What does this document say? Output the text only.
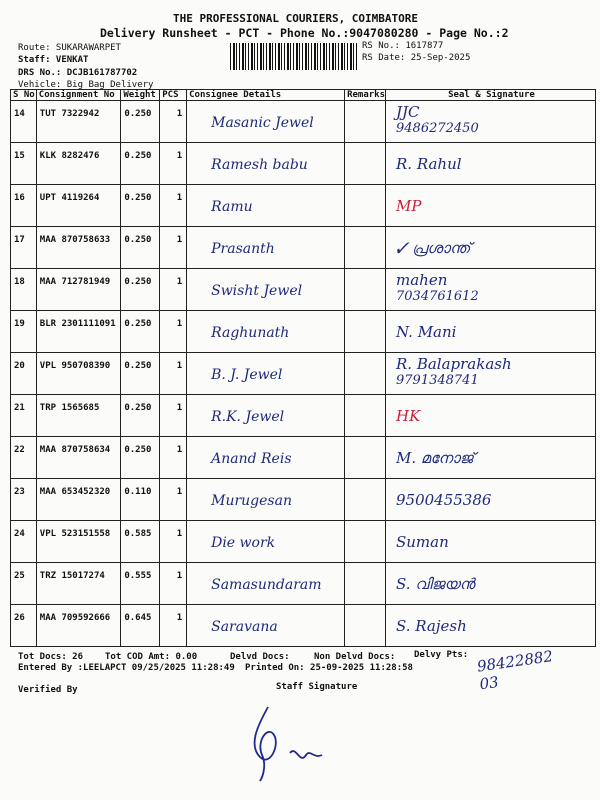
THE PROFESSIONAL COURIERS, COIMBATORE
Delivery Runsheet - PCT - Phone No.:9047080280 - Page No.:2
Route: SUKARAWARPET
Staff: VENKAT
DRS No.: DCJB161787702
Vehicle: Big Bag Delivery
RS No.: 1617877
RS Date: 25-Sep-2025
S No	Consignment No	Weight	PCS	Consignee Details	Remarks	Seal & Signature

14	TUT 7322942	0.250	1	Masanic Jewel		JJC
9486272450

15	KLK 8282476	0.250	1	Ramesh babu		R. Rahul

16	UPT 4119264	0.250	1	Ramu		MP

17	MAA 870758633	0.250	1	Prasanth		✓ പ്രശാന്ത്

18	MAA 712781949	0.250	1	Swisht Jewel		mahen
7034761612

19	BLR 2301111091	0.250	1	Raghunath		N. Mani

20	VPL 950708390	0.250	1	B. J. Jewel		R. Balaprakash
9791348741

21	TRP 1565685	0.250	1	R.K. Jewel		HK

22	MAA 870758634	0.250	1	Anand Reis		M. മനോജ്

23	MAA 653452320	0.110	1	Murugesan		9500455386

24	VPL 523151558	0.585	1	Die work		Suman

25	TRZ 15017274	0.555	1	Samasundaram		S. വിജയൻ

26	MAA 709592666	0.645	1	Saravana		S. Rajesh
Tot Docs: 26 Tot COD Amt: 0.00	Delvd Docs:	Non Delvd Docs: Delvy Pts:
Entered By :LEELAPCT 09/25/2025 11:28:49 Printed On: 25-09-2025 11:28:58	9842288203
Verified By	Staff Signature
